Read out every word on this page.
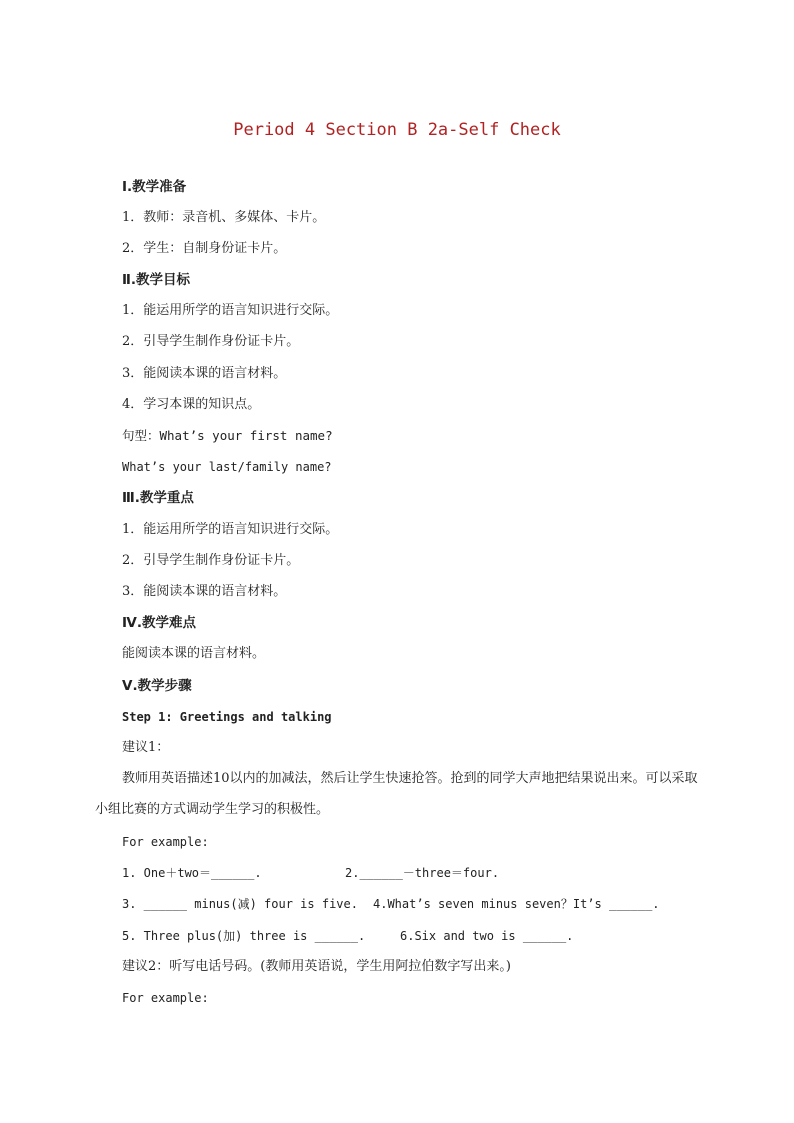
Period 4 Section B 2a-Self Check
Ⅰ.教学准备
1．教师：录音机、多媒体、卡片。
2．学生：自制身份证卡片。
Ⅱ.教学目标
1．能运用所学的语言知识进行交际。
2．引导学生制作身份证卡片。
3．能阅读本课的语言材料。
4．学习本课的知识点。
句型：What’s your first name?
What’s your last/family name?
Ⅲ.教学重点
1．能运用所学的语言知识进行交际。
2．引导学生制作身份证卡片。
3．能阅读本课的语言材料。
Ⅳ.教学难点
能阅读本课的语言材料。
Ⅴ.教学步骤
Step 1: Greetings and talking
建议1：
教师用英语描述10以内的加减法，然后让学生快速抢答。抢到的同学大声地把结果说出来。可以采取小组比赛的方式调动学生学习的积极性。
For example:
1. One＋two＝______.	2.______－three＝four.
3. ______ minus(减) four is five. 4.What’s seven minus seven？It’s ______.
5. Three plus(加) three is ______.	6.Six and two is ______.
建议2：听写电话号码。(教师用英语说，学生用阿拉伯数字写出来。)
For example:
